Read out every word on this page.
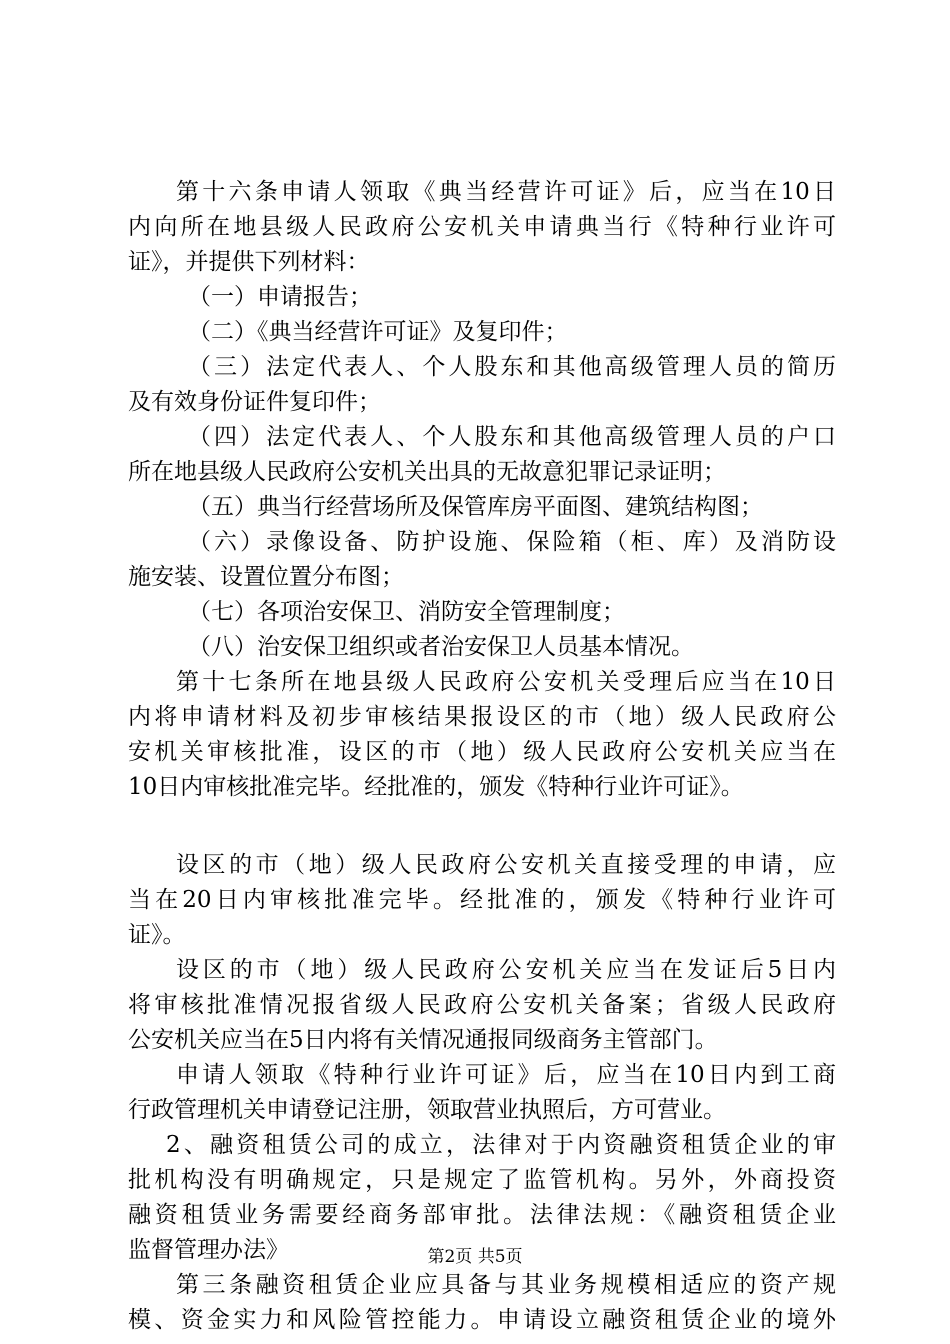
第十六条申请人领取《典当经营许可证》后，应当在10日
内向所在地县级人民政府公安机关申请典当行《特种行业许可
证》，并提供下列材料：
（一）申请报告；
（二）《典当经营许可证》及复印件；
（三）法定代表人、个人股东和其他高级管理人员的简历
及有效身份证件复印件；
（四）法定代表人、个人股东和其他高级管理人员的户口
所在地县级人民政府公安机关出具的无故意犯罪记录证明；
（五）典当行经营场所及保管库房平面图、建筑结构图；
（六）录像设备、防护设施、保险箱（柜、库）及消防设
施安装、设置位置分布图；
（七）各项治安保卫、消防安全管理制度；
（八）治安保卫组织或者治安保卫人员基本情况。
第十七条所在地县级人民政府公安机关受理后应当在10日
内将申请材料及初步审核结果报设区的市（地）级人民政府公
安机关审核批准，设区的市（地）级人民政府公安机关应当在
10日内审核批准完毕。经批准的，颁发《特种行业许可证》。
设区的市（地）级人民政府公安机关直接受理的申请，应
当在20日内审核批准完毕。经批准的，颁发《特种行业许可
证》。
设区的市（地）级人民政府公安机关应当在发证后5日内
将审核批准情况报省级人民政府公安机关备案；省级人民政府
公安机关应当在5日内将有关情况通报同级商务主管部门。
申请人领取《特种行业许可证》后，应当在10日内到工商
行政管理机关申请登记注册，领取营业执照后，方可营业。
2、融资租赁公司的成立，法律对于内资融资租赁企业的审
批机构没有明确规定，只是规定了监管机构。另外，外商投资
融资租赁业务需要经商务部审批。法律法规：《融资租赁企业
监督管理办法》
第三条融资租赁企业应具备与其业务规模相适应的资产规
模、资金实力和风险管控能力。申请设立融资租赁企业的境外
第2页 共5页
